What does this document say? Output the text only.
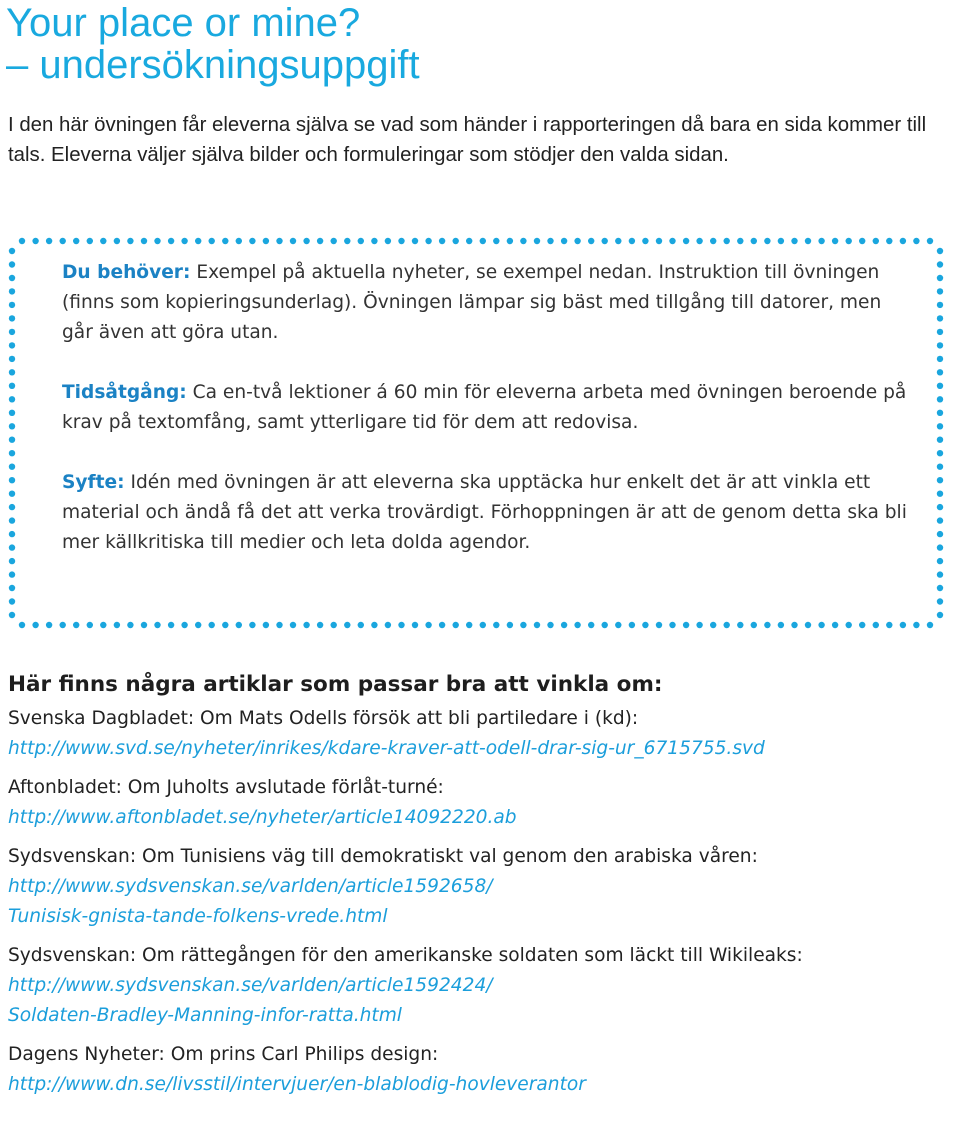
Your place or mine?
– undersökningsuppgift

I den här övningen får eleverna själva se vad som händer i rapporteringen då bara en sida kommer till tals. Eleverna väljer själva bilder och formuleringar som stödjer den valda sidan.

Du behöver: Exempel på aktuella nyheter, se exempel nedan. Instruktion till övningen (finns som kopieringsunderlag). Övningen lämpar sig bäst med tillgång till datorer, men går även att göra utan.

Tidsåtgång: Ca en-två lektioner á 60 min för eleverna arbeta med övningen beroende på krav på textomfång, samt ytterligare tid för dem att redovisa.

Syfte: Idén med övningen är att eleverna ska upptäcka hur enkelt det är att vinkla ett material och ändå få det att verka trovärdigt. Förhoppningen är att de genom detta ska bli mer källkritiska till medier och leta dolda agendor.

Här finns några artiklar som passar bra att vinkla om:
Svenska Dagbladet: Om Mats Odells försök att bli partiledare i (kd):
http://www.svd.se/nyheter/inrikes/kdare-kraver-att-odell-drar-sig-ur_6715755.svd
Aftonbladet: Om Juholts avslutade förlåt-turné:
http://www.aftonbladet.se/nyheter/article14092220.ab
Sydsvenskan: Om Tunisiens väg till demokratiskt val genom den arabiska våren:
http://www.sydsvenskan.se/varlden/article1592658/
Tunisisk-gnista-tande-folkens-vrede.html
Sydsvenskan: Om rättegången för den amerikanske soldaten som läckt till Wikileaks:
http://www.sydsvenskan.se/varlden/article1592424/
Soldaten-Bradley-Manning-infor-ratta.html
Dagens Nyheter: Om prins Carl Philips design:
http://www.dn.se/livsstil/intervjuer/en-blablodig-hovleverantor
